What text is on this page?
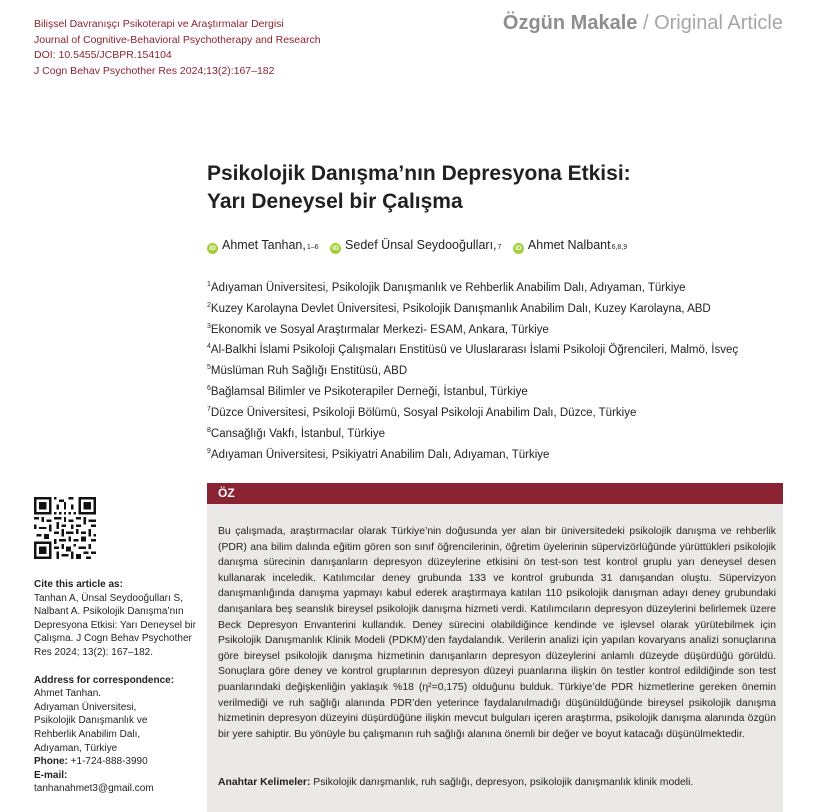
Bilişsel Davranışçı Psikoterapi ve Araştırmalar Dergisi
Journal of Cognitive-Behavioral Psychotherapy and Research
DOI: 10.5455/JCBPR.154104
J Cogn Behav Psychother Res 2024;13(2):167–182
Özgün Makale / Original Article
Psikolojik Danışma’nın Depresyona Etkisi:
Yarı Deneysel bir Çalışma
iD Ahmet $Tanhan,_{1-6}$
	iD Sedef Ünsal $Seydooğulları,_7$
	iD Ahmet Nalbant$_{6,8,9}$
$^1$Adıyaman Üniversitesi, Psikolojik Danışmanlık ve Rehberlik Anabilim Dalı, Adıyaman, Türkiye
$^2$Kuzey Karolayna Devlet Üniversitesi, Psikolojik Danışmanlık Anabilim Dalı, Kuzey Karolayna, ABD
$^3$Ekonomik ve Sosyal Araştırmalar Merkezi- ESAM, Ankara, Türkiye
$^4$Al-Balkhi İslami Psikoloji Çalışmaları Enstitüsü ve Uluslararası İslami Psikoloji Öğrencileri, Malmö, İsveç
$^5$Müslüman Ruh Sağlığı Enstitüsü, ABD
$^6$Bağlamsal Bilimler ve Psikoterapiler Derneği, İstanbul, Türkiye
$^7$Düzce Üniversitesi, Psikoloji Bölümü, Sosyal Psikoloji Anabilim Dalı, Düzce, Türkiye
$^8$Cansağlığı Vakfı, İstanbul, Türkiye
$^9$Adıyaman Üniversitesi, Psikiyatri Anabilim Dalı, Adıyaman, Türkiye
Cite this article as:
Tanhan A, Ünsal Seydooğulları S, Nalbant A. Psikolojik Danışma’nın Depresyona Etkisi: Yarı Deneysel bir Çalışma. J Cogn Behav Psychother Res 2024; 13(2): 167–182.
Address for correspondence:
Ahmet Tanhan.
Adıyaman Üniversitesi,
Psikolojik Danışmanlık ve
Rehberlik Anabilim Dalı,
Adıyaman, Türkiye
Phone: +1-724-888-3990
E-mail:
tanhanahmet3@gmail.com
ÖZ
Bu çalışmada, araştırmacılar olarak Türkiye’nin doğusunda yer alan bir üniversitedeki psikolojik danışma ve rehberlik (PDR) ana bilim dalında eğitim gören son sınıf öğrencilerinin, öğretim üyelerinin süpervizörlüğünde yürüttükleri psikolojik danışma sürecinin danışanların depresyon düzeylerine etkisini ön test-son test kontrol gruplu yarı deneysel desen kullanarak inceledik. Katılımcılar deney grubunda 133 ve kontrol grubunda 31 danışandan oluştu. Süpervizyon danışmanlığında danışma yapmayı kabul ederek araştırmaya katılan 110 psikolojik danışman adayı deney grubundaki danışanlara beş seanslık bireysel psikolojik danışma hizmeti verdi. Katılımcıların depresyon düzeylerini belirlemek üzere Beck Depresyon Envanterini kullandık. Deney sürecini olabildiğince kendinde ve işlevsel olarak yürütebilmek için Psikolojik Danışmanlık Klinik Modeli (PDKM)’den faydalandık. Verilerin analizi için yapılan kovaryans analizi sonuçlarına göre bireysel psikolojik danışma hizmetinin danışanların depresyon düzeylerini anlamlı düzeyde düşürdüğü görüldü. Sonuçlara göre deney ve kontrol gruplarının depresyon düzeyi puanlarına ilişkin ön testler kontrol edildiğinde son test puanlarındaki değişkenliğin yaklaşık %18 (η²=0,175) olduğunu bulduk. Türkiye’de PDR hizmetlerine gereken önemin verilmediği ve ruh sağlığı alanında PDR’den yeterince faydalanılmadığı düşünüldüğünde bireysel psikolojik danışma hizmetinin depresyon düzeyini düşürdüğüne ilişkin mevcut bulguları içeren araştırma, psikolojik danışma alanında özgün bir yere sahiptir. Bu yönüyle bu çalışmanın ruh sağlığı alanına önemli bir değer ve boyut katacağı düşünülmektedir.
Anahtar Kelimeler: Psikolojik danışmanlık, ruh sağlığı, depresyon, psikolojik danışmanlık klinik modeli.
